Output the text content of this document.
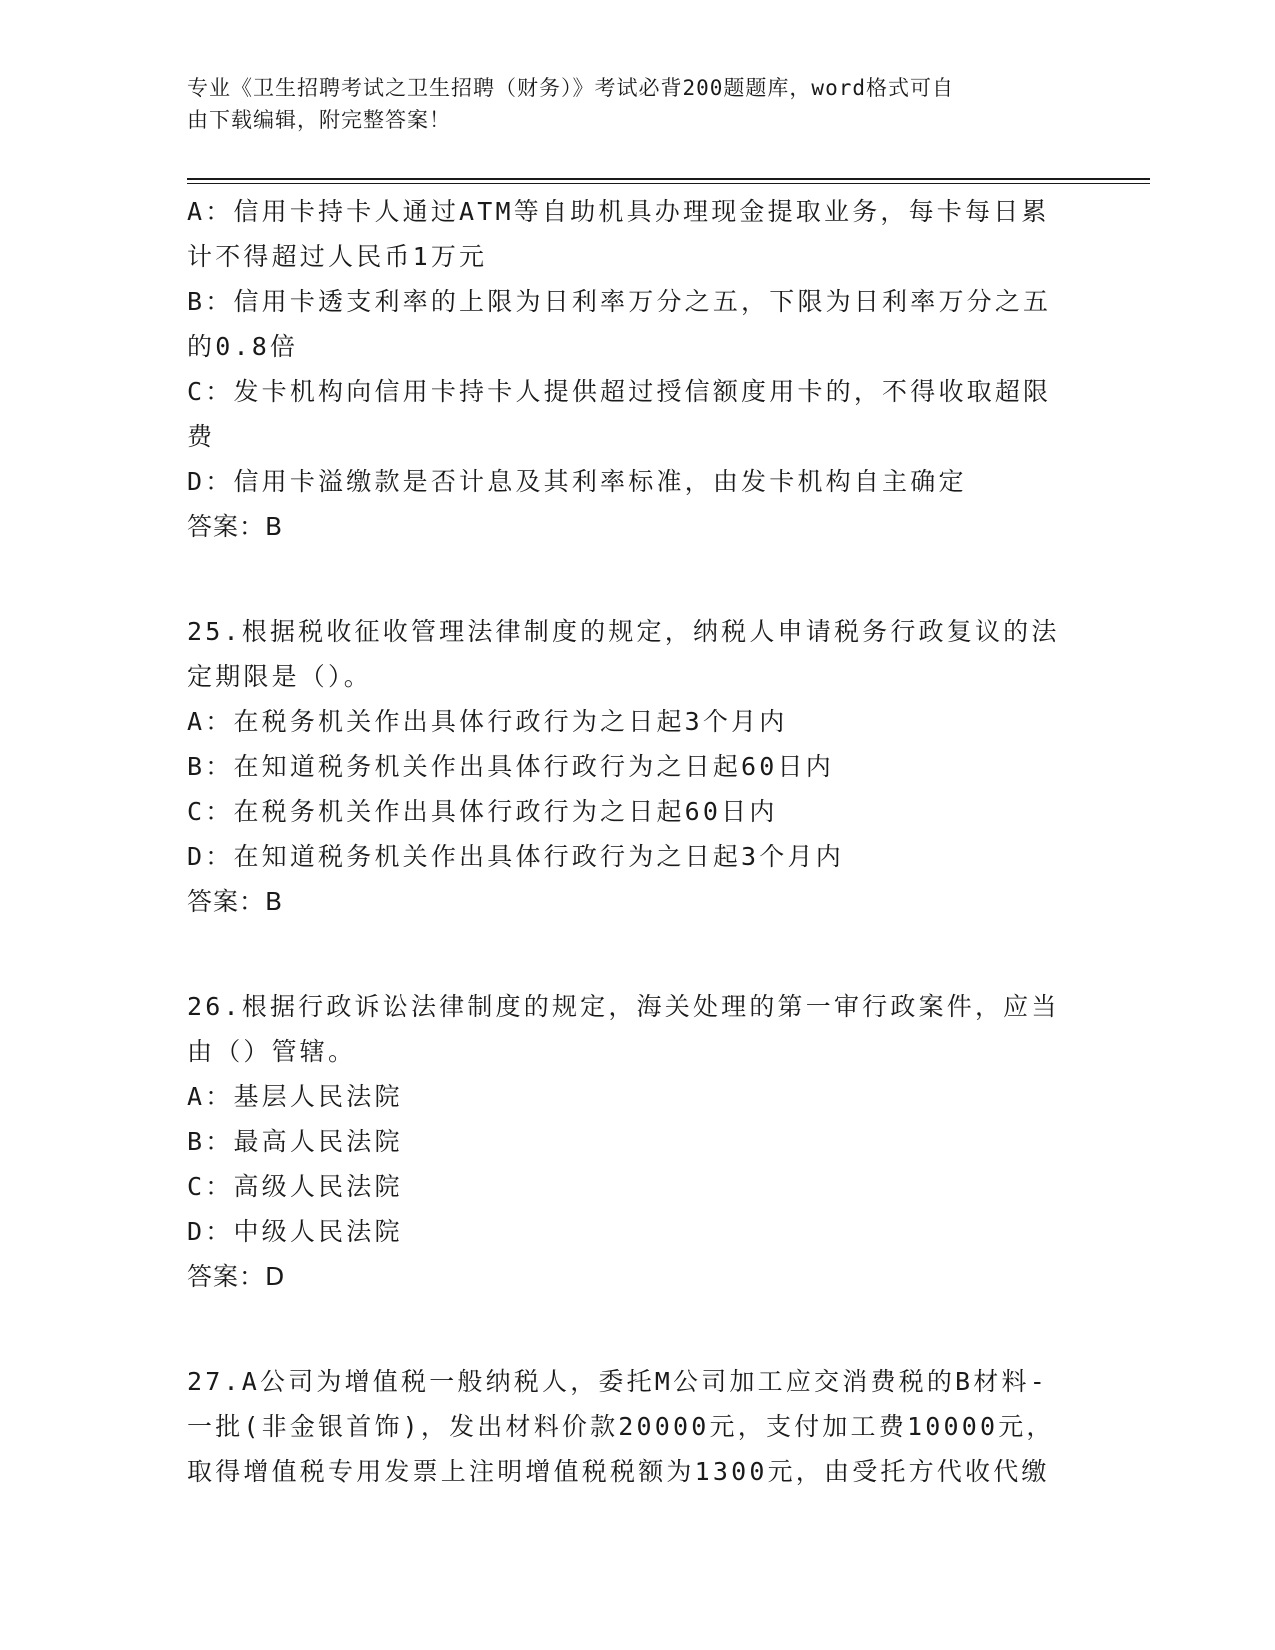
专业《卫生招聘考试之卫生招聘（财务）》考试必背200题题库，word格式可自
由下载编辑，附完整答案！
A：信用卡持卡人通过ATM等自助机具办理现金提取业务，每卡每日累
计不得超过人民币1万元
B：信用卡透支利率的上限为日利率万分之五，下限为日利率万分之五
的0.8倍
C：发卡机构向信用卡持卡人提供超过授信额度用卡的，不得收取超限
费
D：信用卡溢缴款是否计息及其利率标准，由发卡机构自主确定
答案：B
25.根据税收征收管理法律制度的规定，纳税人申请税务行政复议的法
定期限是（）。
A：在税务机关作出具体行政行为之日起3个月内
B：在知道税务机关作出具体行政行为之日起60日内
C：在税务机关作出具体行政行为之日起60日内
D：在知道税务机关作出具体行政行为之日起3个月内
答案：B
26.根据行政诉讼法律制度的规定，海关处理的第一审行政案件，应当
由（）管辖。
A：基层人民法院
B：最高人民法院
C：高级人民法院
D：中级人民法院
答案：D
27.A公司为增值税一般纳税人，委托M公司加工应交消费税的B材料-
一批(非金银首饰)，发出材料价款20000元，支付加工费10000元，
取得增值税专用发票上注明增值税税额为1300元，由受托方代收代缴
